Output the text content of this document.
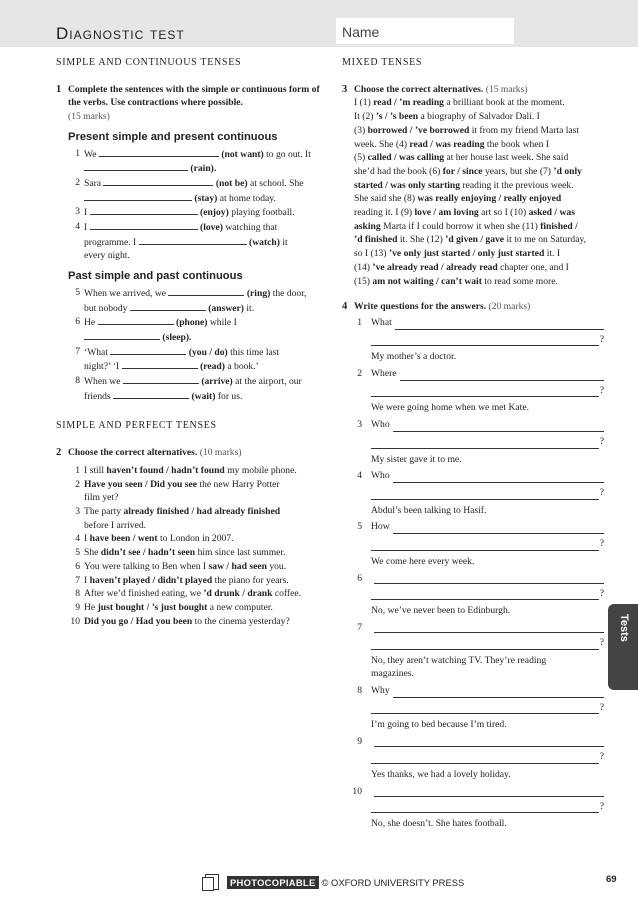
Diagnostic test	Name
SIMPLE AND CONTINUOUS TENSES
1 Complete the sentences with the simple or continuous form of the verbs. Use contractions where possible.
(15 marks)
Present simple and present continuous
1 We	(not want) to go out. It
(rain).
2 Sara	(not be) at school. She
(stay) at home today.
3 I	(enjoy) playing football.
4 I	(love) watching that
programme. I	(watch) it
every night.
Past simple and past continuous
5 When we arrived, we	(ring) the door,
but nobody	(answer) it.
6 He	(phone) while I
(sleep).
7 ‘What	(you / do) this time last
night?’ ‘I	(read) a book.’
8 When we	(arrive) at the airport, our
friends	(wait) for us.
SIMPLE AND PERFECT TENSES
2 Choose the correct alternatives. (10 marks)
1 I still haven’t found / hadn’t found my mobile phone.
2 Have you seen / Did you see the new Harry Potter
film yet?
3 The party already finished / had already finished
before I arrived.
4 I have been / went to London in 2007.
5 She didn’t see / hadn’t seen him since last summer.
6 You were talking to Ben when I saw / had seen you.
7 I haven’t played / didn’t played the piano for years.
8 After we’d finished eating, we ’d drunk / drank coffee.
9 He just bought / ’s just bought a new computer.
10 Did you go / Had you been to the cinema yesterday?
MIXED TENSES
3 Choose the correct alternatives. (15 marks)
I (1) read / ’m reading a brilliant book at the moment.
It (2) ’s / ’s been a biography of Salvador Dalí. I
(3) borrowed / ’ve borrowed it from my friend Marta last
week. She (4) read / was reading the book when I
(5) called / was calling at her house last week. She said
she’d had the book (6) for / since years, but she (7) ’d only
started / was only starting reading it the previous week.
She said she (8) was really enjoying / really enjoyed
reading it. I (9) love / am loving art so I (10) asked / was
asking Marta if I could borrow it when she (11) finished /
’d finished it. She (12) ’d given / gave it to me on Saturday,
so I (13) ’ve only just started / only just started it. I
(14) ’ve already read / already read chapter one, and I
(15) am not waiting / can’t wait to read some more.
4 Write questions for the answers. (20 marks)
1 What
?
My mother’s a doctor.
2 Where
?
We were going home when we met Kate.
3 Who
?
My sister gave it to me.
4 Who
?
Abdul’s been talking to Hasif.
5 How
?
We come here every week.
6
?
No, we’ve never been to Edinburgh.
7
?
No, they aren’t watching TV. They’re reading magazines.
8 Why
?
I’m going to bed because I’m tired.
9
?
Yes thanks, we had a lovely holiday.
10
?
No, she doesn’t. She hates football.
Tests
PHOTOCOPIABLE © OXFORD UNIVERSITY PRESS	69
